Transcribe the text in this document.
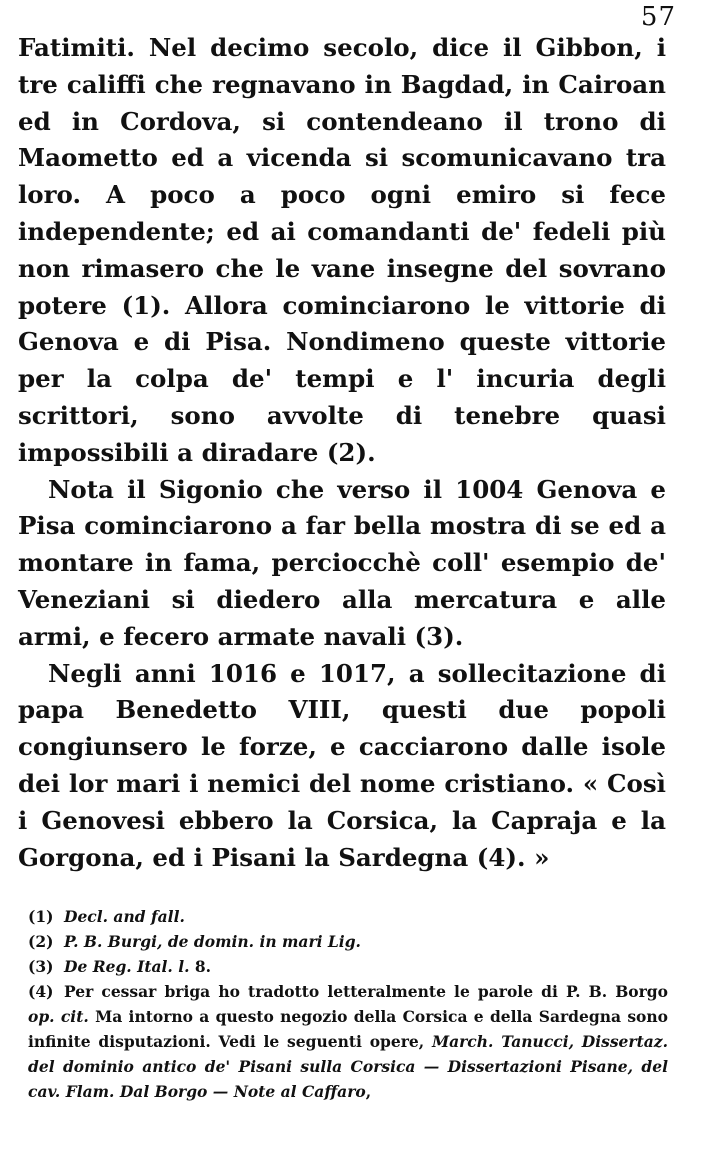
57

Fatimiti. Nel decimo secolo, dice il Gibbon, i tre califfi che regnavano in Bagdad, in Cairoan ed in Cordova, si contendeano il trono di Maometto ed a vicenda si scomunicavano tra loro. A poco a poco ogni emiro si fece independente; ed ai comandanti de' fedeli più non rimasero che le vane insegne del sovrano potere (1). Allora cominciarono le vittorie di Genova e di Pisa. Nondimeno queste vittorie per la colpa de' tempi e l' incuria degli scrittori, sono avvolte di tenebre quasi impossibili a diradare (2).

Nota il Sigonio che verso il 1004 Genova e Pisa cominciarono a far bella mostra di se ed a montare in fama, perciocchè coll' esempio de' Veneziani si diedero alla mercatura e alle armi, e fecero armate navali (3).

Negli anni 1016 e 1017, a sollecitazione di papa Benedetto VIII, questi due popoli congiunsero le forze, e cacciarono dalle isole dei lor mari i nemici del nome cristiano. « Così i Genovesi ebbero la Corsica, la Capraja e la Gorgona, ed i Pisani la Sardegna (4). »

(1) Decl. and fall.

(2) P. B. Burgi, de domin. in mari Lig.

(3) De Reg. Ital. l. 8.

(4) Per cessar briga ho tradotto letteralmente le parole di P. B. Borgo op. cit. Ma intorno a questo negozio della Corsica e della Sardegna sono infinite disputazioni. Vedi le seguenti opere, March. Tanucci, Dissertaz. del dominio antico de' Pisani sulla Corsica — Dissertazioni Pisane, del cav. Flam. Dal Borgo — Note al Caffaro,
